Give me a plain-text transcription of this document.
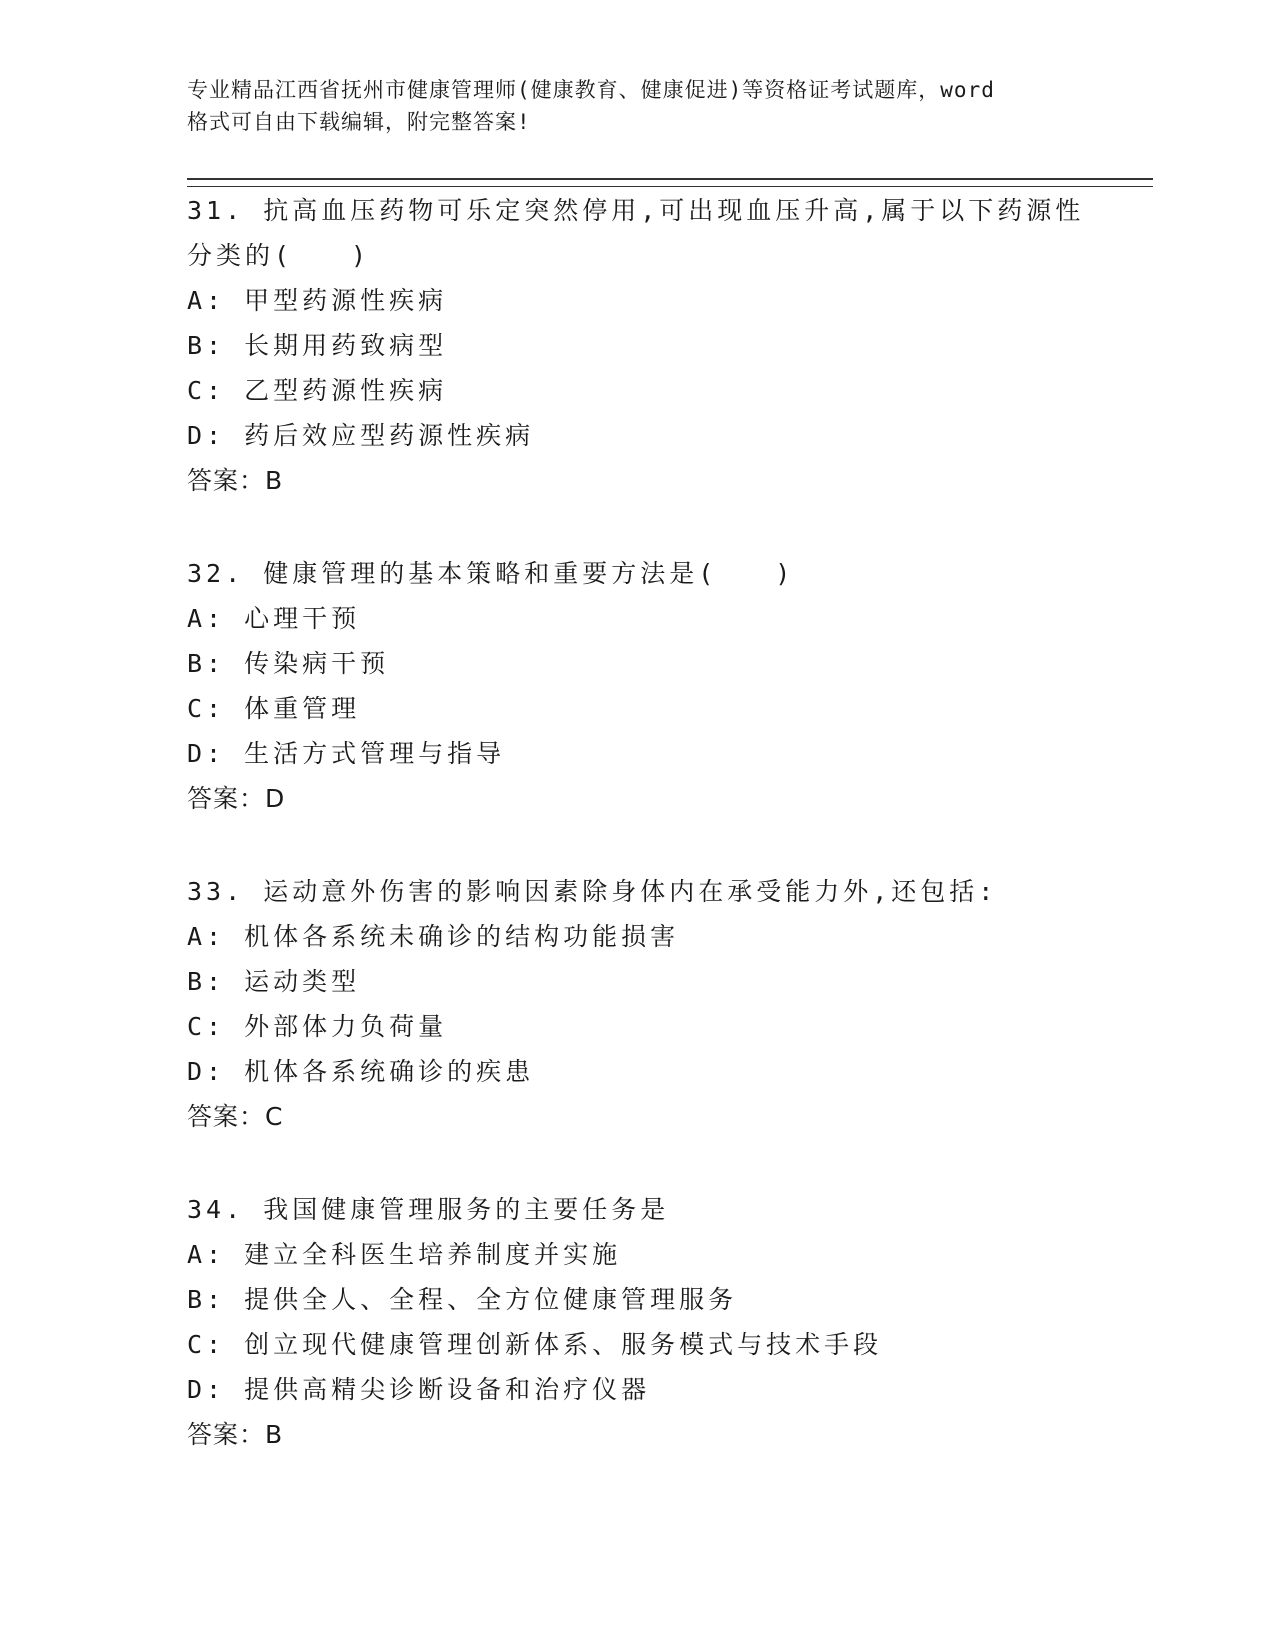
专业精品江西省抚州市健康管理师(健康教育、健康促进)等资格证考试题库，word
格式可自由下载编辑，附完整答案!
31. 抗高血压药物可乐定突然停用,可出现血压升高,属于以下药源性
分类的(　　)
A: 甲型药源性疾病
B: 长期用药致病型
C: 乙型药源性疾病
D: 药后效应型药源性疾病
答案：B
32. 健康管理的基本策略和重要方法是(　　)
A: 心理干预
B: 传染病干预
C: 体重管理
D: 生活方式管理与指导
答案：D
33. 运动意外伤害的影响因素除身体内在承受能力外,还包括:
A: 机体各系统未确诊的结构功能损害
B: 运动类型
C: 外部体力负荷量
D: 机体各系统确诊的疾患
答案：C
34. 我国健康管理服务的主要任务是
A: 建立全科医生培养制度并实施
B: 提供全人、全程、全方位健康管理服务
C: 创立现代健康管理创新体系、服务模式与技术手段
D: 提供高精尖诊断设备和治疗仪器
答案：B
